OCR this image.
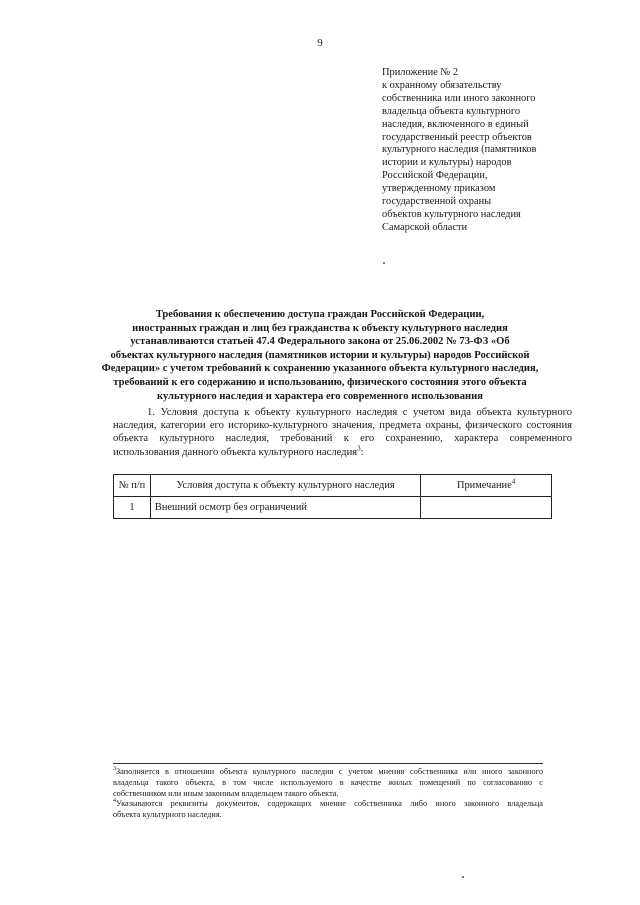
9
Приложение № 2
к охранному обязательству
собственника или иного законного
владельца объекта культурного
наследия, включенного в единый
государственный реестр объектов
культурного наследия (памятников
истории и культуры) народов
Российской Федерации,
утвержденному приказом
государственной охраны
объектов культурного наследия
Самарской области
Требования к обеспечению доступа граждан Российской Федерации,
иностранных граждан и лиц без гражданства к объекту культурного наследия
устанавливаются статьей 47.4 Федерального закона от 25.06.2002 № 73-ФЗ «Об
объектах культурного наследия (памятников истории и культуры) народов Российской
Федерации» с учетом требований к сохранению указанного объекта культурного наследия,
требований к его содержанию и использованию, физического состояния этого объекта
культурного наследия и характера его современного использования
1. Условия доступа к объекту культурного наследия с учетом вида объекта культурного
наследия, категории его историко-культурного значения, предмета охраны, физического состояния
объекта культурного наследия, требований к его сохранению, характера современного
использования данного объекта культурного наследия$^3$:
№ п/п	Условия доступа к объекту культурного наследия	Примечание$^4$
1	Внешний осмотр без ограничений	
$^3$Заполняется в отношении объекта культурного наследия с учетом мнения собственника или иного законного
владельца такого объекта, в том числе используемого в качестве жилых помещений по согласованию с
собственником или иным законным владельцем такого объекта.
$^4$Указываются реквизиты документов, содержащих мнение собственника либо иного законного владельца
объекта культурного наследия.
